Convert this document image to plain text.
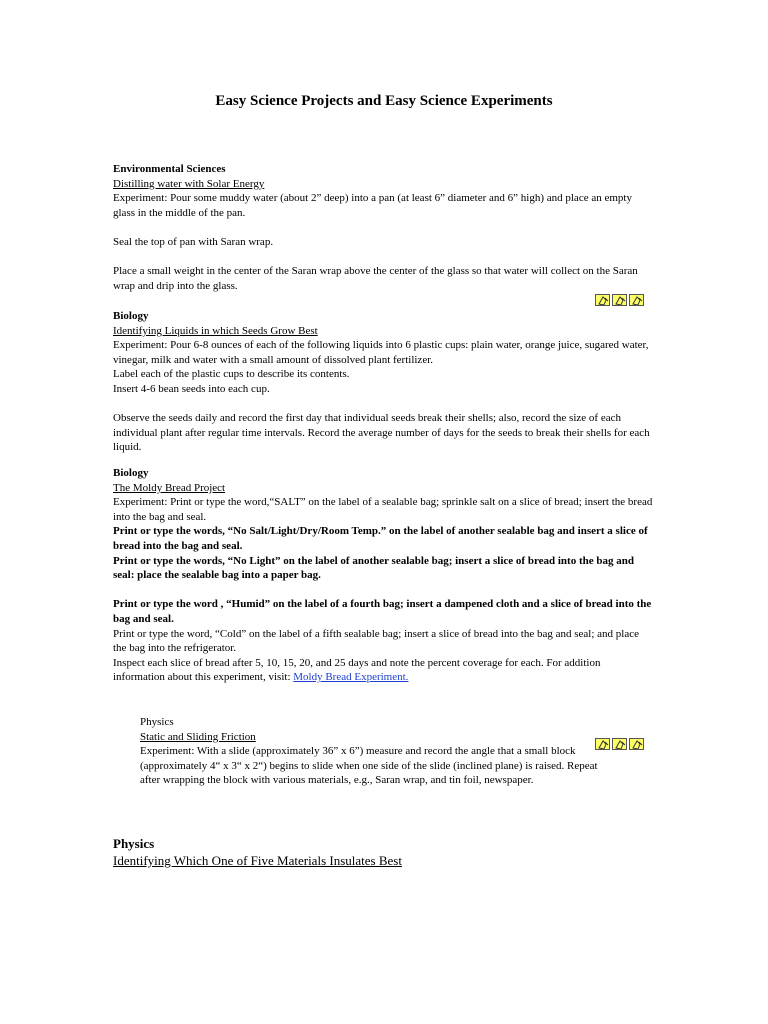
Easy Science Projects and Easy Science Experiments

Environmental Sciences

Distilling water with Solar Energy

Experiment: Pour some muddy water (about 2” deep) into a pan (at least 6” diameter and 6” high) and place an empty glass in the middle of the pan.

Seal the top of pan with Saran wrap.

Place a small weight in the center of the Saran wrap above the center of the glass so that water will collect on the Saran wrap and drip into the glass.

Biology

Identifying Liquids in which Seeds Grow Best

Experiment: Pour 6-8 ounces of each of the following liquids into 6 plastic cups: plain water, orange juice, sugared water, vinegar, milk and water with a small amount of dissolved plant fertilizer.

Label each of the plastic cups to describe its contents.

Insert 4-6 bean seeds into each cup.

Observe the seeds daily and record the first day that individual seeds break their shells; also, record the size of each individual plant after regular time intervals. Record the average number of days for the seeds to break their shells for each liquid.

Biology

The Moldy Bread Project

Experiment: Print or type the word,“SALT” on the label of a sealable bag; sprinkle salt on a slice of bread; insert the bread into the bag and seal.

Print or type the words, “No Salt/Light/Dry/Room Temp.” on the label of another sealable bag and insert a slice of bread into the bag and seal.

Print or type the words, “No Light” on the label of another sealable bag; insert a slice of bread into the bag and seal: place the sealable bag into a paper bag.

Print or type the word , “Humid” on the label of a fourth bag; insert a dampened cloth and a slice of bread into the bag and seal.

Print or type the word, “Cold” on the label of a fifth sealable bag; insert a slice of bread into the bag and seal; and place the bag into the refrigerator.

Inspect each slice of bread after 5, 10, 15, 20, and 25 days and note the percent coverage for each. For addition information about this experiment, visit: Moldy Bread Experiment.

Physics

Static and Sliding Friction

Experiment: With a slide (approximately 36” x 6”) measure and record the angle that a small block (approximately 4“ x 3“ x 2“) begins to slide when one side of the slide (inclined plane) is raised. Repeat after wrapping the block with various materials, e.g., Saran wrap, and tin foil, newspaper.

Physics

Identifying Which One of Five Materials Insulates Best
